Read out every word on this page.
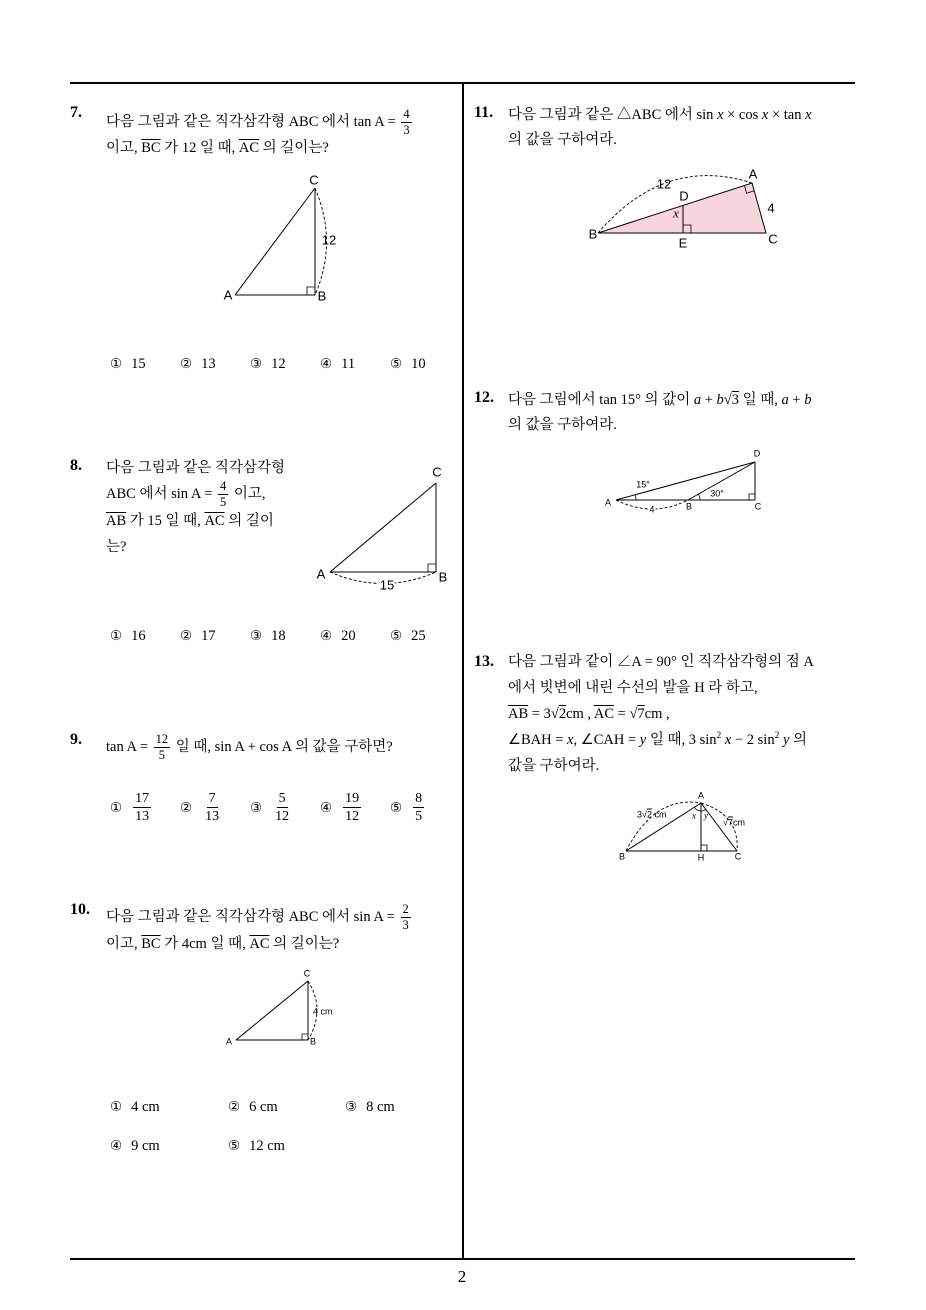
2
7.
다음 그림과 같은 직각삼각형 ABC 에서 $\tan A = \frac{4}{3}$
이고, $\overline{BC}$ 가 12 일 때, $\overline{AC}$ 의 길이는?
C
A	B
12
① 15	② 13	③ 12	④ 11	⑤ 10
8. 다음 그림과 같은 직각삼각형
ABC 에서 $\sin A = \frac{4}{5}$ 이고,
$\overline{AB}$ 가 15 일 때, $\overline{AC}$ 의 길이
는?
C
A	B
15
① 16	② 17	③ 18	④ 20	⑤ 25
9. $\tan A = \frac{12}{5}$ 일 때, sin A + cos A 의 값을 구하면?
① $\frac{17}{13}$ ② $\frac{7}{13}$ ③ $\frac{5}{12}$ ④ $\frac{19}{12}$ ⑤ $\frac{8}{5}$
10. 다음 그림과 같은 직각삼각형 ABC 에서 $\sin A = \frac{2}{3}$
이고, $\overline{BC}$ 가 4cm 일 때, $\overline{AC}$ 의 길이는?
C
A	B
4 cm
① 4 cm	② 6 cm	③ 8 cm
④ 9 cm	⑤ 12 cm
11. 다음 그림과 같은 △ABC 에서 sin x × cos x × tan x
의 값을 구하여라.
12
D
x
A
4
B
E	C
12. 다음 그림에서 tan 15° 의 값이 a + b√3 일 때, a + b
의 값을 구하여라.
D
15°
30°
A
4	B	C
13. 다음 그림과 같이 ∠A = 90° 인 직각삼각형의 점 A
에서 빗변에 내린 수선의 발을 H 라 하고,
$\overline{AB} = 3√2cm$ , $\overline{AC} = √7cm$ ,
∠BAH = x, ∠CAH = y 일 때, 3 $\sin^2 x - 2$ $\sin^2 y$ 의
값을 구하여라.
A
3√2 cm	x y
√7cm
B	H	C
